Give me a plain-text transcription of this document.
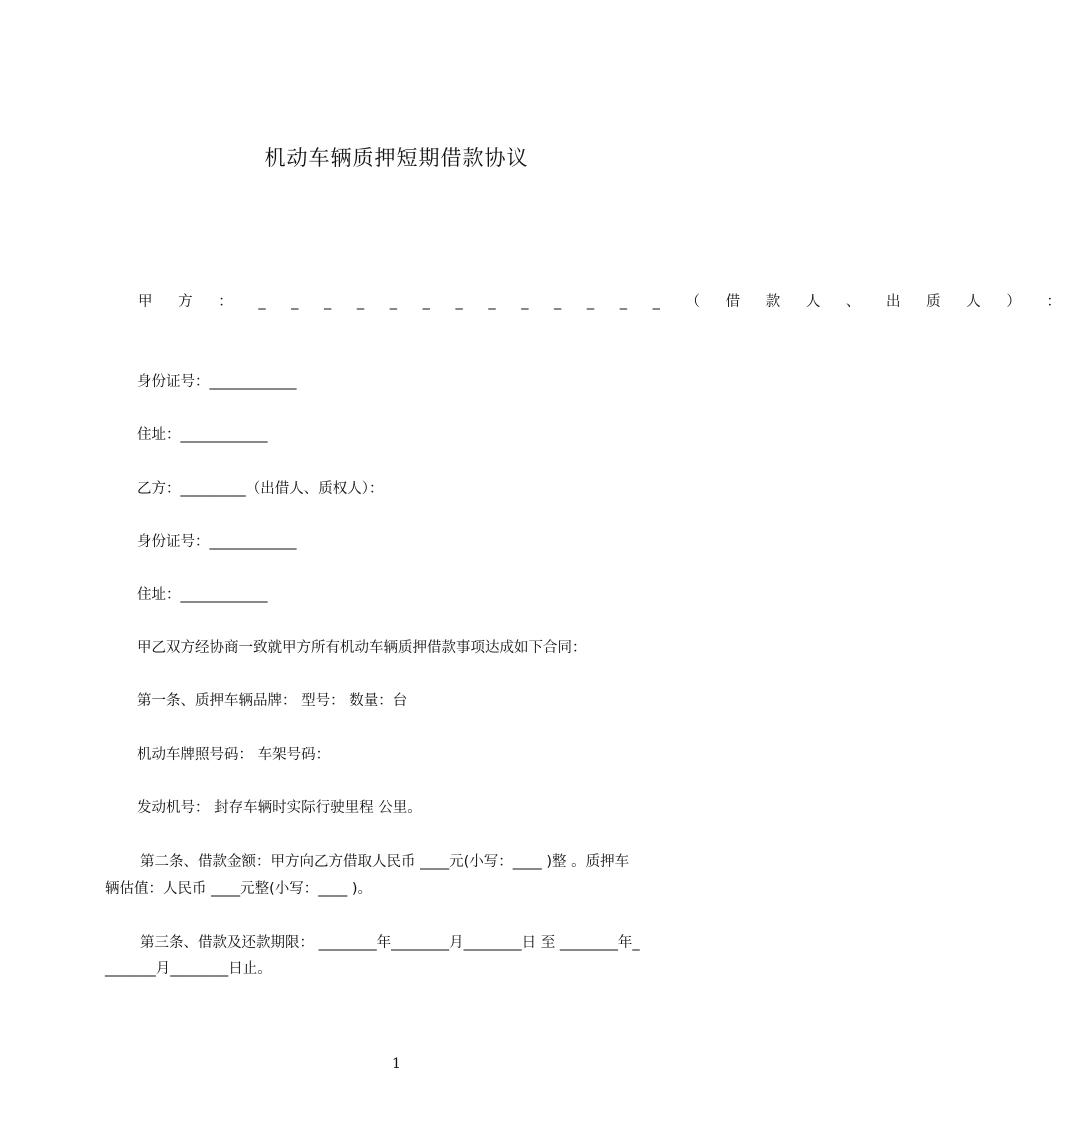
机动车辆质押短期借款协议
甲 方 ： _ _ _ _ _ _ _ _ _ _ _ _ _ （ 借 款 人 、 出 质 人 ） ：
身份证号：____________
住址：____________
乙方：_________（出借人、质权人）：
身份证号：____________
住址：____________
甲乙双方经协商一致就甲方所有机动车辆质押借款事项达成如下合同：
第一条、质押车辆品牌： 型号： 数量：台
机动车牌照号码： 车架号码：
发动机号： 封存车辆时实际行驶里程 公里。
第二条、借款金额：甲方向乙方借取人民币 ____元(小写：____ )整 。质押车
辆估值：人民币 ____元整(小写：____ )。
第三条、借款及还款期限： ________年________月________日 至 ________年_
_______月________日止。
1
